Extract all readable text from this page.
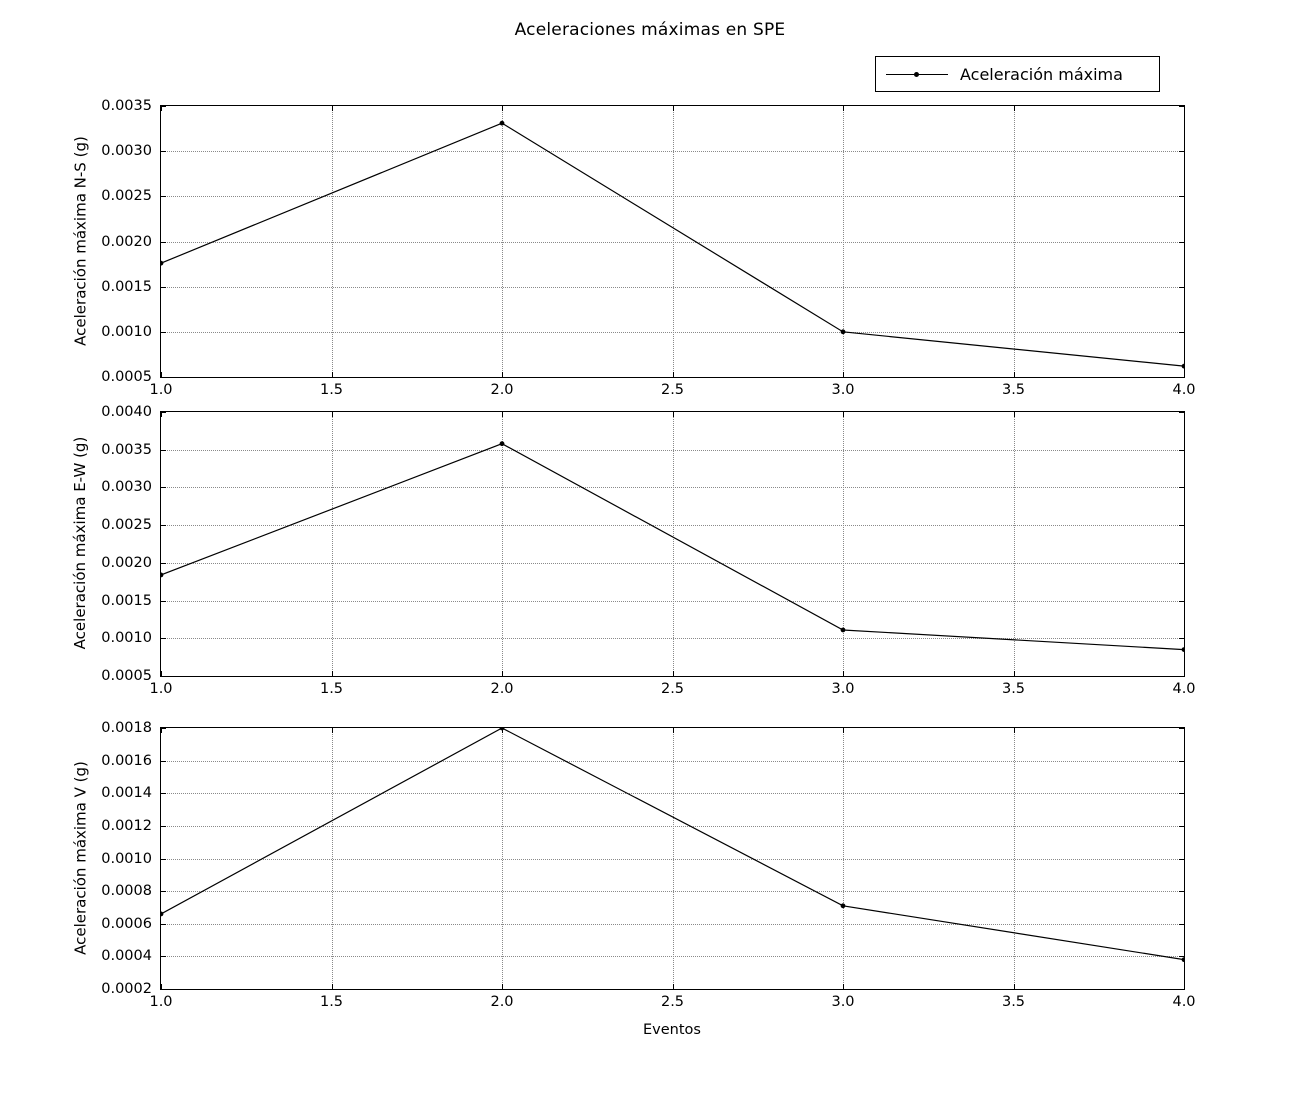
Aceleraciones máximas en SPE
Aceleración máxima
Aceleración máxima N-S (g)
Aceleración máxima E-W (g)
Aceleración máxima V (g)
Eventos
1.0	1.5	2.0	2.5	3.0	3.5	4.0
0.0005
0.0010
0.0015
0.0020
0.0025
0.0030
0.0035
1.0	1.5	2.0	2.5	3.0	3.5	4.0
0.0005
0.0010
0.0015
0.0020
0.0025
0.0030
0.0035
0.0040
1.0	1.5	2.0	2.5	3.0	3.5	4.0
0.0002
0.0004
0.0006
0.0008
0.0010
0.0012
0.0014
0.0016
0.0018
